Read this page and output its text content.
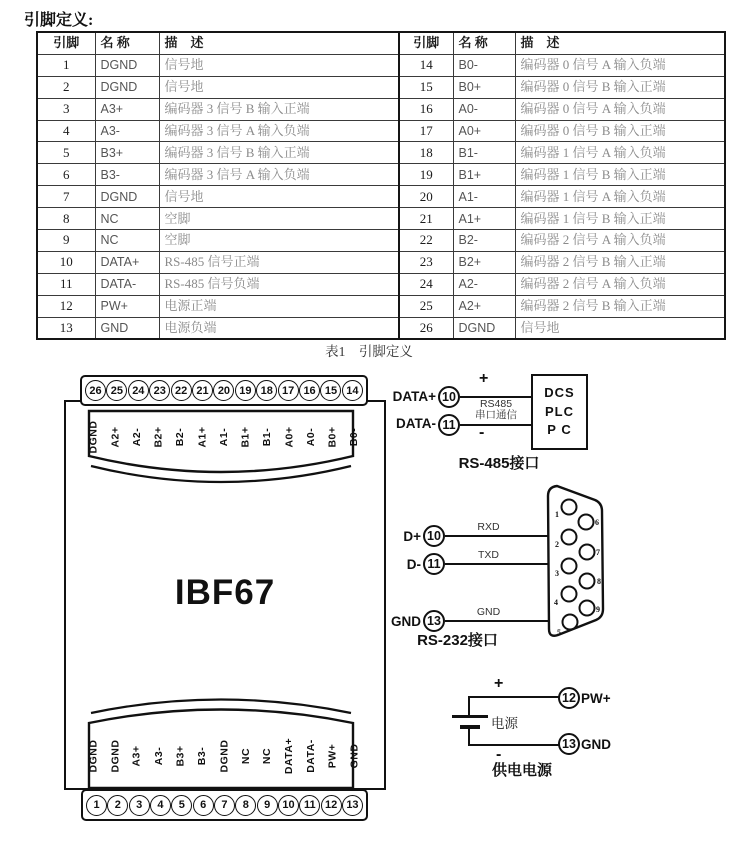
引脚定义:
引脚	名 称	描　述
1	DGND	信号地
2	DGND	信号地
3	A3+	编码器 3 信号 B 输入正端
4	A3-	编码器 3 信号 A 输入负端
5	B3+	编码器 3 信号 B 输入正端
6	B3-	编码器 3 信号 A 输入负端
7	DGND	信号地
8	NC	空脚
9	NC	空脚
10	DATA+	RS-485 信号正端
11	DATA-	RS-485 信号负端
12	PW+	电源正端
13	GND	电源负端
引脚	名 称	描　述
14	B0-	编码器 0 信号 A 输入负端
15	B0+	编码器 0 信号 B 输入正端
16	A0-	编码器 0 信号 A 输入负端
17	A0+	编码器 0 信号 B 输入正端
18	B1-	编码器 1 信号 A 输入负端
19	B1+	编码器 1 信号 B 输入正端
20	A1-	编码器 1 信号 A 输入负端
21	A1+	编码器 1 信号 B 输入正端
22	B2-	编码器 2 信号 A 输入负端
23	B2+	编码器 2 信号 B 输入正端
24	A2-	编码器 2 信号 A 输入负端
25	A2+	编码器 2 信号 B 输入正端
26	DGND	信号地
表1　引脚定义
26 25 24 23 22 21 20 19 18 17 16 15 14
1	2	3	4	5	6	7	8	9	10 11 12 13
DGND A2+ A2- B2+ B2- A1+ A1- B1+ B1- A0+ A0- B0+ B0-
DGND DGND A3+ A3- B3+ B3- DGND NC NC DATA+ DATA- PW+ GND
IBF67
DATA+ 10
+
DATA- 11 -
RS485
串口通信
DCS
PLC
P C
RS-485接口
D+ 10
RXD
D- 11
TXD
GND 13
GND
1
2
3
4
5
6
7
8
9
RS-232接口
+
电源
-
12 PW+
13 GND
供电电源
